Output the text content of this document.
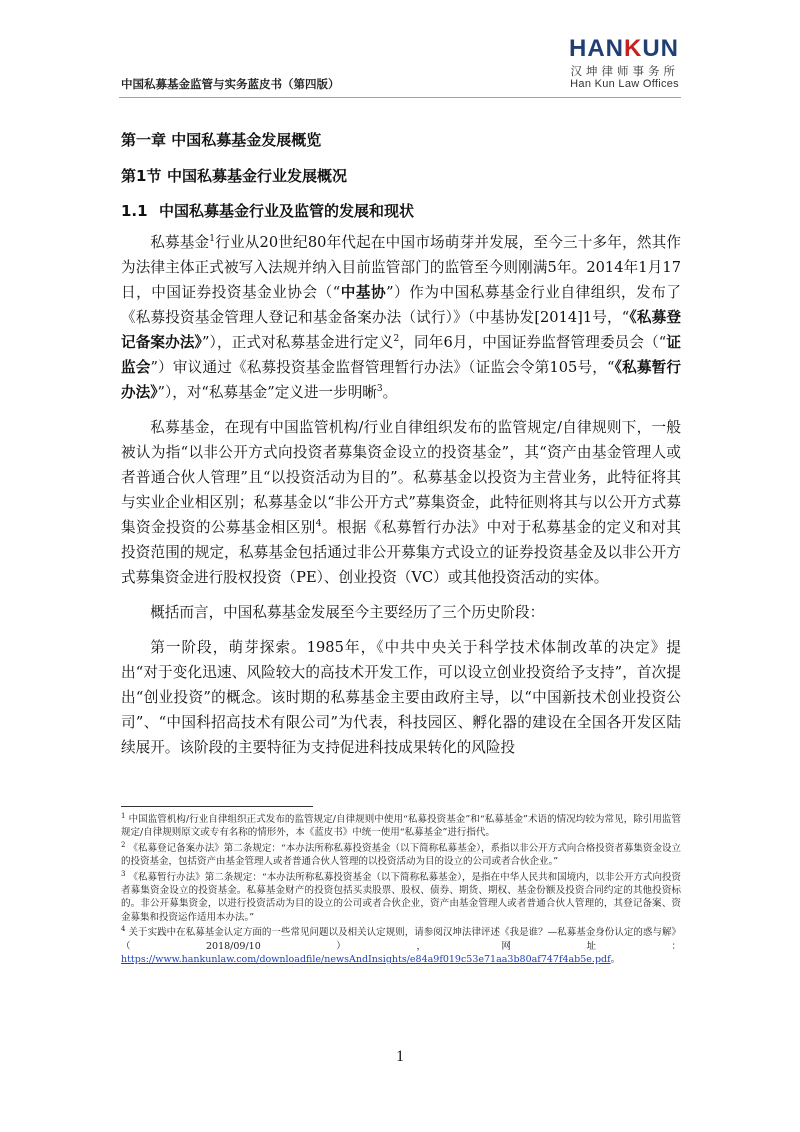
中国私募基金监管与实务蓝皮书（第四版）
HANKUN
汉坤律师事务所
Han Kun Law Offices
第一章 中国私募基金发展概览
第1节 中国私募基金行业发展概况
1.1 中国私募基金行业及监管的发展和现状

私募基金$^1$行业从20世纪80年代起在中国市场萌芽并发展，至今三十多年，然其作为法律主体正式被写入法规并纳入目前监管部门的监管至今则刚满5年。2014年1月17日，中国证券投资基金业协会（“中基协”）作为中国私募基金行业自律组织，发布了《私募投资基金管理人登记和基金备案办法（试行）》（中基协发[2014]1号，“《私募登记备案办法》”），正式对私募基金进行定义$^2$，同年6月，中国证券监督管理委员会（“证监会”）审议通过《私募投资基金监督管理暂行办法》（证监会令第105号，“《私募暂行办法》”），对“私募基金”定义进一步明晰$^3$。

私募基金，在现有中国监管机构/行业自律组织发布的监管规定/自律规则下，一般被认为指“以非公开方式向投资者募集资金设立的投资基金”，其“资产由基金管理人或者普通合伙人管理”且“以投资活动为目的”。私募基金以投资为主营业务，此特征将其与实业企业相区别；私募基金以“非公开方式”募集资金，此特征则将其与以公开方式募集资金投资的公募基金相区别$^4$。根据《私募暂行办法》中对于私募基金的定义和对其投资范围的规定，私募基金包括通过非公开募集方式设立的证券投资基金及以非公开方式募集资金进行股权投资（PE）、创业投资（VC）或其他投资活动的实体。

概括而言，中国私募基金发展至今主要经历了三个历史阶段：

第一阶段，萌芽探索。1985年，《中共中央关于科学技术体制改革的决定》提出“对于变化迅速、风险较大的高技术开发工作，可以设立创业投资给予支持”，首次提出“创业投资”的概念。该时期的私募基金主要由政府主导，以“中国新技术创业投资公司”、“中国科招高技术有限公司”为代表，科技园区、孵化器的建设在全国各开发区陆续展开。该阶段的主要特征为支持促进科技成果转化的风险投

$^1$ 中国监管机构/行业自律组织正式发布的监管规定/自律规则中使用“私募投资基金”和“私募基金”术语的情况均较为常见，除引用监管规定/自律规则原文或专有名称的情形外，本《蓝皮书》中统一使用“私募基金”进行指代。
$^2$ 《私募登记备案办法》第二条规定：“本办法所称私募投资基金（以下简称私募基金），系指以非公开方式向合格投资者募集资金设立的投资基金，包括资产由基金管理人或者普通合伙人管理的以投资活动为目的设立的公司或者合伙企业。”
$^3$ 《私募暂行办法》第二条规定：“本办法所称私募投资基金（以下简称私募基金），是指在中华人民共和国境内，以非公开方式向投资者募集资金设立的投资基金。私募基金财产的投资包括买卖股票、股权、债券、期货、期权、基金份额及投资合同约定的其他投资标的。非公开募集资金，以进行投资活动为目的设立的公司或者合伙企业，资产由基金管理人或者普通合伙人管理的，其登记备案、资金募集和投资运作适用本办法。”
$^4$ 关于实践中在私募基金认定方面的一些常见问题以及相关认定规则，请参阅汉坤法律评述《我是谁？—私募基金身份认定的惑与解》（2018/09/10），网址：https://www.hankunlaw.com/downloadfile/newsAndInsights/e84a9f019c53e71aa3b80af747f4ab5e.pdf。
1
